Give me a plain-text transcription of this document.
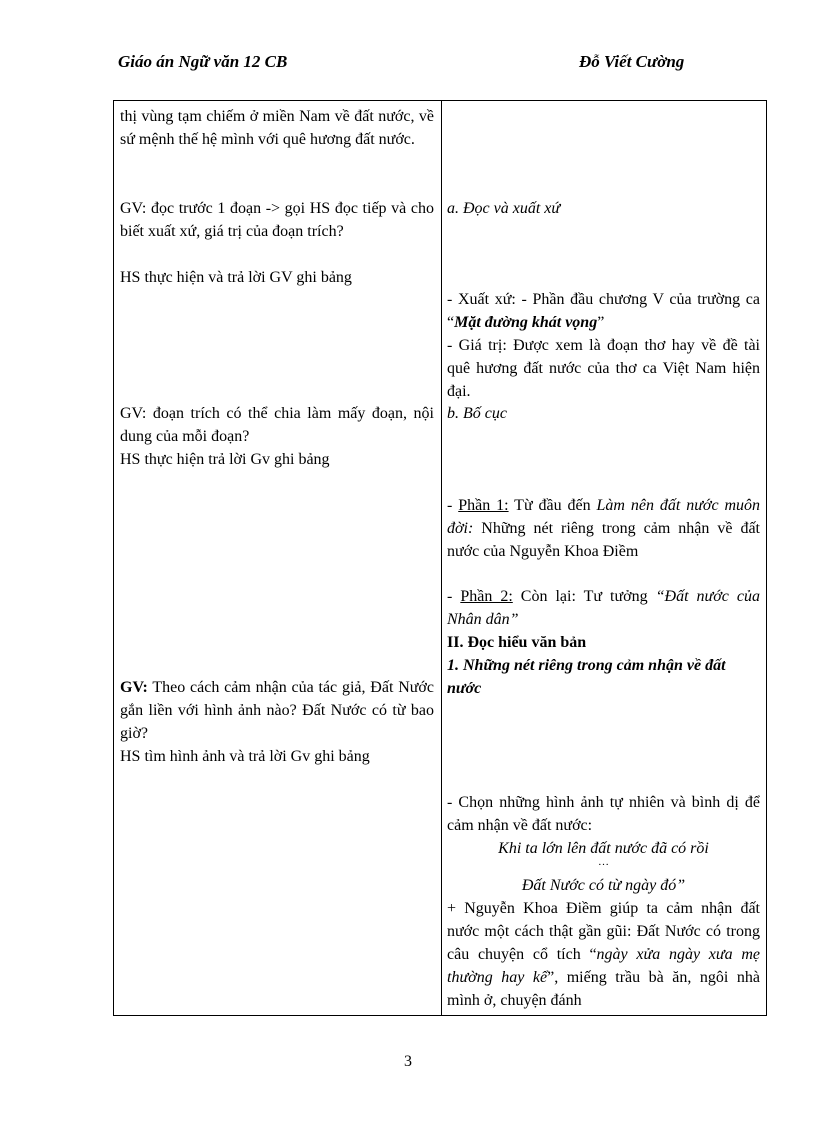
Giáo án Ngữ văn 12 CB	Đỗ Viết Cường
thị vùng tạm chiếm ở miền Nam về đất nước, về sứ mệnh thế hệ mình với quê hương đất nước.
GV: đọc trước 1 đoạn -> gọi HS đọc tiếp và cho biết xuất xứ, giá trị của đoạn trích?
HS thực hiện và trả lời GV ghi bảng
GV: đoạn trích có thể chia làm mấy đoạn, nội dung của mỗi đoạn?
HS thực hiện trả lời Gv ghi bảng
GV: Theo cách cảm nhận của tác giả, Đất Nước gắn liền với hình ảnh nào? Đất Nước có từ bao giờ?
HS tìm hình ảnh và trả lời Gv ghi bảng
a. Đọc và xuất xứ
- Xuất xứ: - Phần đầu chương V của trường ca “Mặt đường khát vọng”
- Giá trị: Được xem là đoạn thơ hay về đề tài quê hương đất nước của thơ ca Việt Nam hiện đại.
b. Bố cục
- Phần 1: Từ đầu đến Làm nên đất nước muôn đời: Những nét riêng trong cảm nhận về đất nước của Nguyễn Khoa Điềm
- Phần 2: Còn lại: Tư tưởng “Đất nước của Nhân dân”
II. Đọc hiểu văn bản
1. Những nét riêng trong cảm nhận về đất nước
- Chọn những hình ảnh tự nhiên và bình dị để cảm nhận về đất nước:
Khi ta lớn lên đất nước đã có rồi
…
Đất Nước có từ ngày đó”
+ Nguyễn Khoa Điềm giúp ta cảm nhận đất nước một cách thật gần gũi: Đất Nước có trong câu chuyện cổ tích “ngày xửa ngày xưa mẹ thường hay kể”, miếng trầu bà ăn, ngôi nhà mình ở, chuyện đánh
3
